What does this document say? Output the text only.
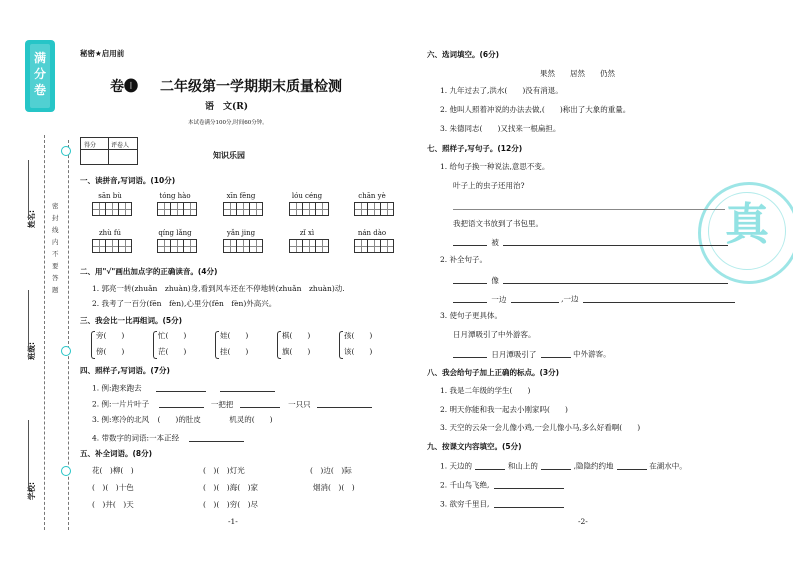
满分卷
密 封 线 内 不 要 答 题
姓名:
班级:
学校:
秘密★启用前
卷❶ 二年级第一学期期末质量检测
语　文(R)
本试卷满分100分,时间60分钟。
得分 评卷人
知识乐园
一、读拼音,写词语。(10分)
sān bù	tóng hào	xīn fēng	lóu céng	chān yè
zhù fú	qíng lǎng	yǎn jing	zǐ xì	nán dào
二、用"√"画出加点字的正确读音。(4分)
1. 郭亮一转(zhuǎn　zhuàn)身,看到风车还在不停地转(zhuǎn　zhuàn)动.
2. 我考了一百分(fēn　fèn),心里分(fēn　fèn)外高兴。
三、我会比一比再组词。(5分)
旁(　　)	忙(　　)	娃(　　)	棋(　　)	孩(　　)
傍(　　)	茫(　　)	挂(　　)	旗(　　)	该(　　)
四、照样子,写词语。(7分)
1. 例:跑来跑去
2. 例:一片片叶子	一把把	一只只
3. 例:寒冷的北风 (　　)的肚皮	机灵的(　　)
4. 带数字的词语:一本正经
五、补全词语。(8分)
花(　)柳(　)	(　)(　)灯光	(　)边(　)际
(　)(　)十色	(　)(　)海(　)家	烟消(　)(　)
(　)井(　)天	(　)(　)穷(　)尽
-1-
真
六、选词填空。(6分)
果然　　居然　　仍然
1. 九年过去了,洪水(　　)没有消退。
2. 他叫人照着冲说的办法去做,(　　)称出了大象的重量。
3. 朱德同志(　　)又找来一根扁担。
七、照样子,写句子。(12分)
1. 给句子换一种说法,意思不变。
叶子上的虫子还用治?
我把语文书放到了书包里。
被
2. 补全句子。
像
一边	,一边
3. 使句子更具体。
日月潭吸引了中外游客。
日月潭吸引了	中外游客。
八、我会给句子加上正确的标点。(3分)
1. 我是二年级的学生(　　)
2. 明天你能和我一起去小刚家吗(　　)
3. 天空的云朵一会儿像小鸡,一会儿像小马,多么好看啊(　　)
九、按课文内容填空。(5分)
1. 天边的	和山上的	,隐隐约约地	在湖水中。
2. 千山鸟飞绝,
3. 欲穷千里目,
-2-
